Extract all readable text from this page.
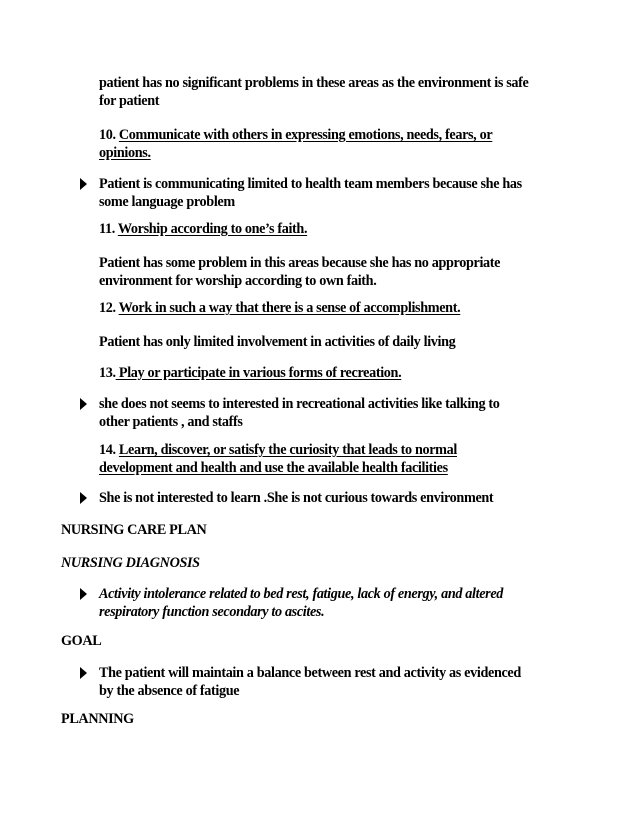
patient has no significant problems in these areas as the environment is safe
for patient
10. Communicate with others in expressing emotions, needs, fears, or
opinions.
Patient is communicating limited to health team members because she has
some language problem
11. Worship according to one’s faith.
Patient has some problem in this areas because she has no appropriate
environment for worship according to own faith.
12. Work in such a way that there is a sense of accomplishment.
Patient has only limited involvement in activities of daily living
13. Play or participate in various forms of recreation.
she does not seems to interested in recreational activities like talking to
other patients , and staffs
14. Learn, discover, or satisfy the curiosity that leads to normal
development and health and use the available health facilities
She is not interested to learn .She is not curious towards environment
NURSING CARE PLAN
NURSING DIAGNOSIS
Activity intolerance related to bed rest, fatigue, lack of energy, and altered
respiratory function secondary to ascites.
GOAL
The patient will maintain a balance between rest and activity as evidenced
by the absence of fatigue
PLANNING
